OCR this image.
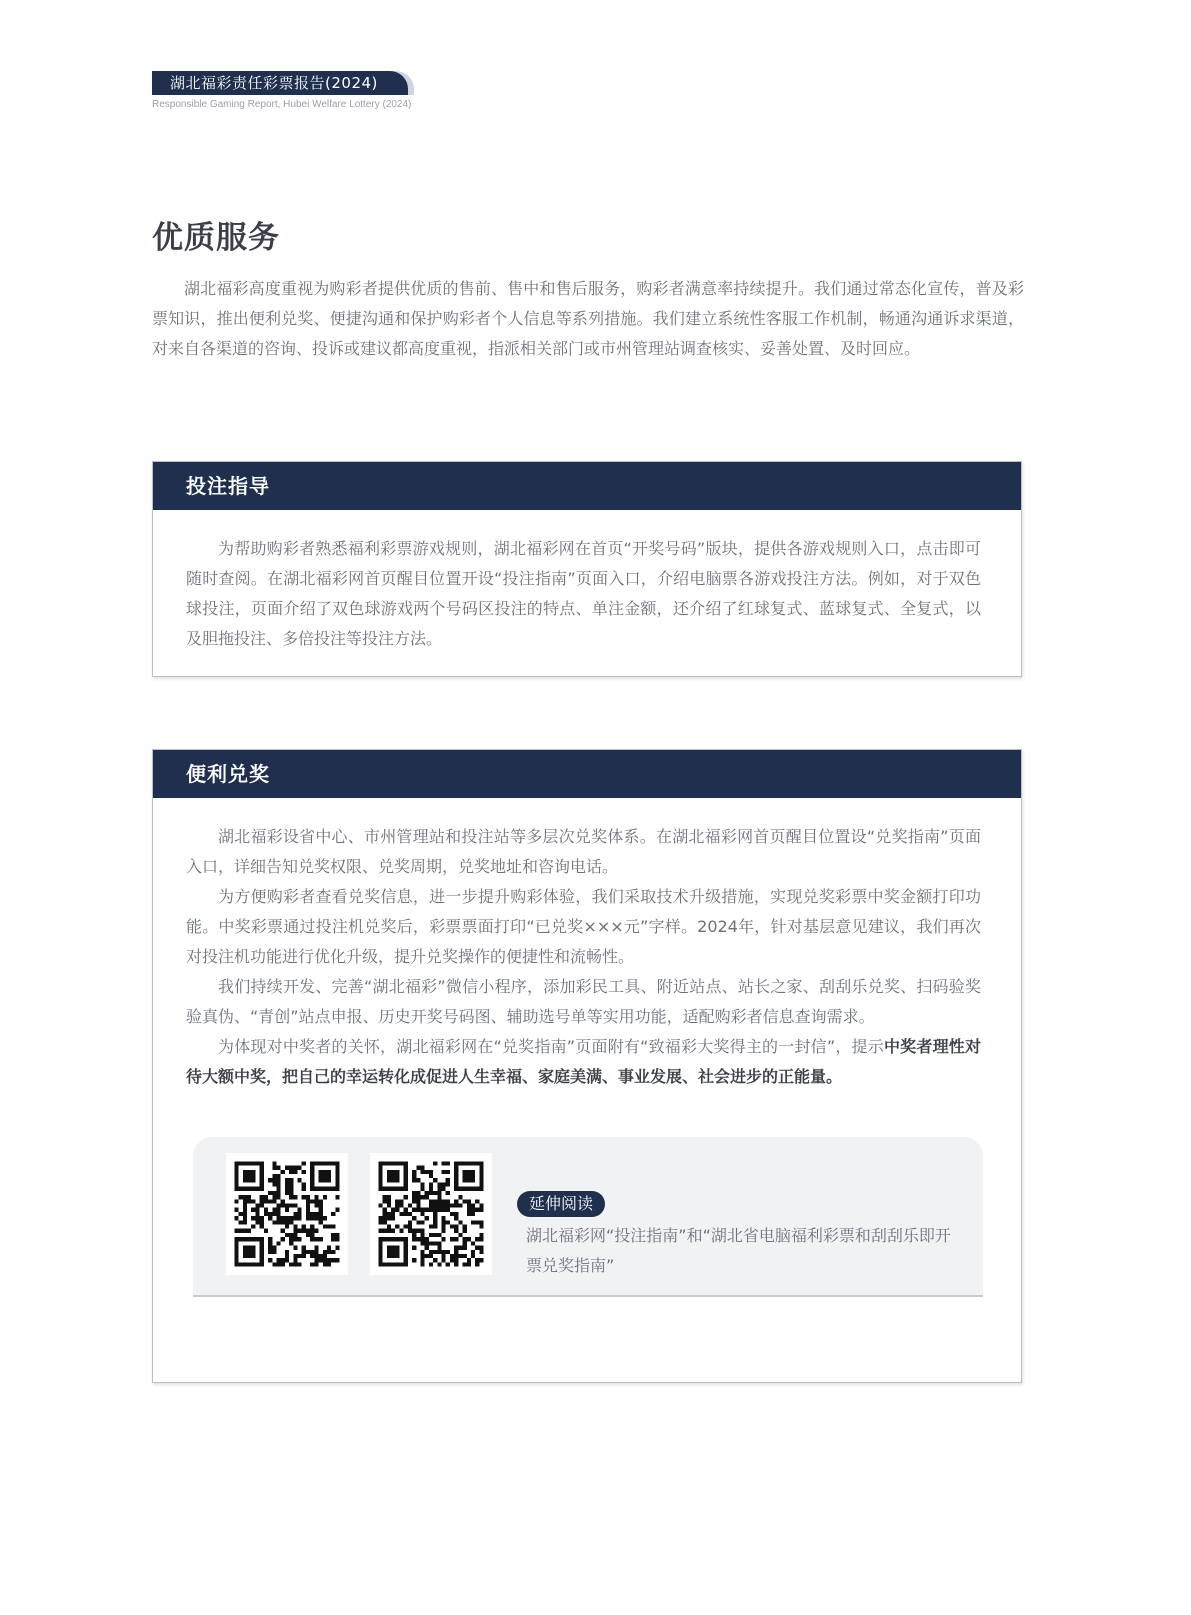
湖北福彩责任彩票报告(2024)
Responsible Gaming Report, Hubei Welfare Lottery (2024)
优质服务

湖北福彩高度重视为购彩者提供优质的售前、售中和售后服务，购彩者满意率持续提升。我们通过常态化宣传，普及彩票知识，推出便利兑奖、便捷沟通和保护购彩者个人信息等系列措施。我们建立系统性客服工作机制，畅通沟通诉求渠道，对来自各渠道的咨询、投诉或建议都高度重视，指派相关部门或市州管理站调查核实、妥善处置、及时回应。

投注指导

为帮助购彩者熟悉福利彩票游戏规则，湖北福彩网在首页“开奖号码”版块，提供各游戏规则入口，点击即可随时查阅。在湖北福彩网首页醒目位置开设“投注指南”页面入口，介绍电脑票各游戏投注方法。例如，对于双色球投注，页面介绍了双色球游戏两个号码区投注的特点、单注金额，还介绍了红球复式、蓝球复式、全复式，以及胆拖投注、多倍投注等投注方法。

便利兑奖

湖北福彩设省中心、市州管理站和投注站等多层次兑奖体系。在湖北福彩网首页醒目位置设“兑奖指南”页面入口，详细告知兑奖权限、兑奖周期，兑奖地址和咨询电话。

为方便购彩者查看兑奖信息，进一步提升购彩体验，我们采取技术升级措施，实现兑奖彩票中奖金额打印功能。中奖彩票通过投注机兑奖后，彩票票面打印“已兑奖×××元”字样。2024年，针对基层意见建议，我们再次对投注机功能进行优化升级，提升兑奖操作的便捷性和流畅性。

我们持续开发、完善“湖北福彩”微信小程序，添加彩民工具、附近站点、站长之家、刮刮乐兑奖、扫码验奖验真伪、“青创”站点申报、历史开奖号码图、辅助选号单等实用功能，适配购彩者信息查询需求。

为体现对中奖者的关怀，湖北福彩网在“兑奖指南”页面附有“致福彩大奖得主的一封信”，提示中奖者理性对待大额中奖，把自己的幸运转化成促进人生幸福、家庭美满、事业发展、社会进步的正能量。

延伸阅读
湖北福彩网“投注指南”和“湖北省电脑福利彩票和刮刮乐即开票兑奖指南”
